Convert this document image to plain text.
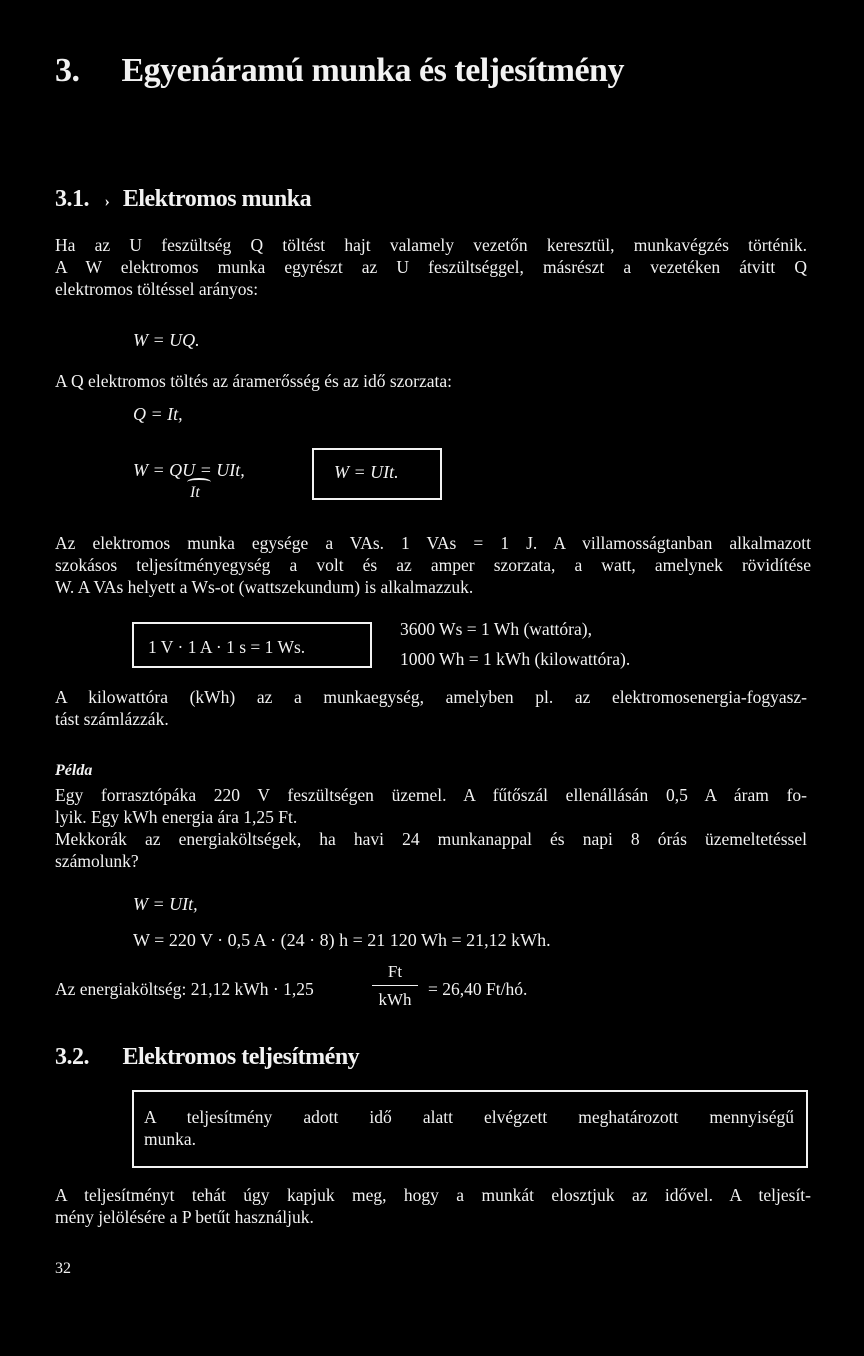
3. Egyenáramú munka és teljesítmény
3.1. › Elektromos munka
Ha az U feszültség Q töltést hajt valamely vezetőn keresztül, munkavégzés történik.
A W elektromos munka egyrészt az U feszültséggel, másrészt a vezetéken átvitt Q
elektromos töltéssel arányos:
W = UQ.
A Q elektromos töltés az áramerősség és az idő szorzata:
Q = It,
W = QU = UIt,
It
W = UIt.
Az elektromos munka egysége a VAs. 1 VAs = 1 J. A villamosságtanban alkalmazott
szokásos teljesítményegység a volt és az amper szorzata, a watt, amelynek rövidítése
W. A VAs helyett a Ws-ot (wattszekundum) is alkalmazzuk.
1 V · 1 A · 1 s = 1 Ws.
3600 Ws = 1 Wh (wattóra),
1000 Wh = 1 kWh (kilowattóra).
A kilowattóra (kWh) az a munkaegység, amelyben pl. az elektromosenergia-fogyasz-
tást számlázzák.
Példa
Egy forrasztópáka 220 V feszültségen üzemel. A fűtőszál ellenállásán 0,5 A áram fo-
lyik. Egy kWh energia ára 1,25 Ft.
Mekkorák az energiaköltségek, ha havi 24 munkanappal és napi 8 órás üzemeltetéssel
számolunk?
W = UIt,
W = 220 V · 0,5 A · (24 · 8) h = 21 120 Wh = 21,12 kWh.
Az energiaköltség: 21,12 kWh · 1,25
Ft
kWh
= 26,40 Ft/hó.
3.2. Elektromos teljesítmény
A teljesítmény adott idő alatt elvégzett meghatározott mennyiségű
munka.
A teljesítményt tehát úgy kapjuk meg, hogy a munkát elosztjuk az idővel. A teljesít-
mény jelölésére a P betűt használjuk.
32
